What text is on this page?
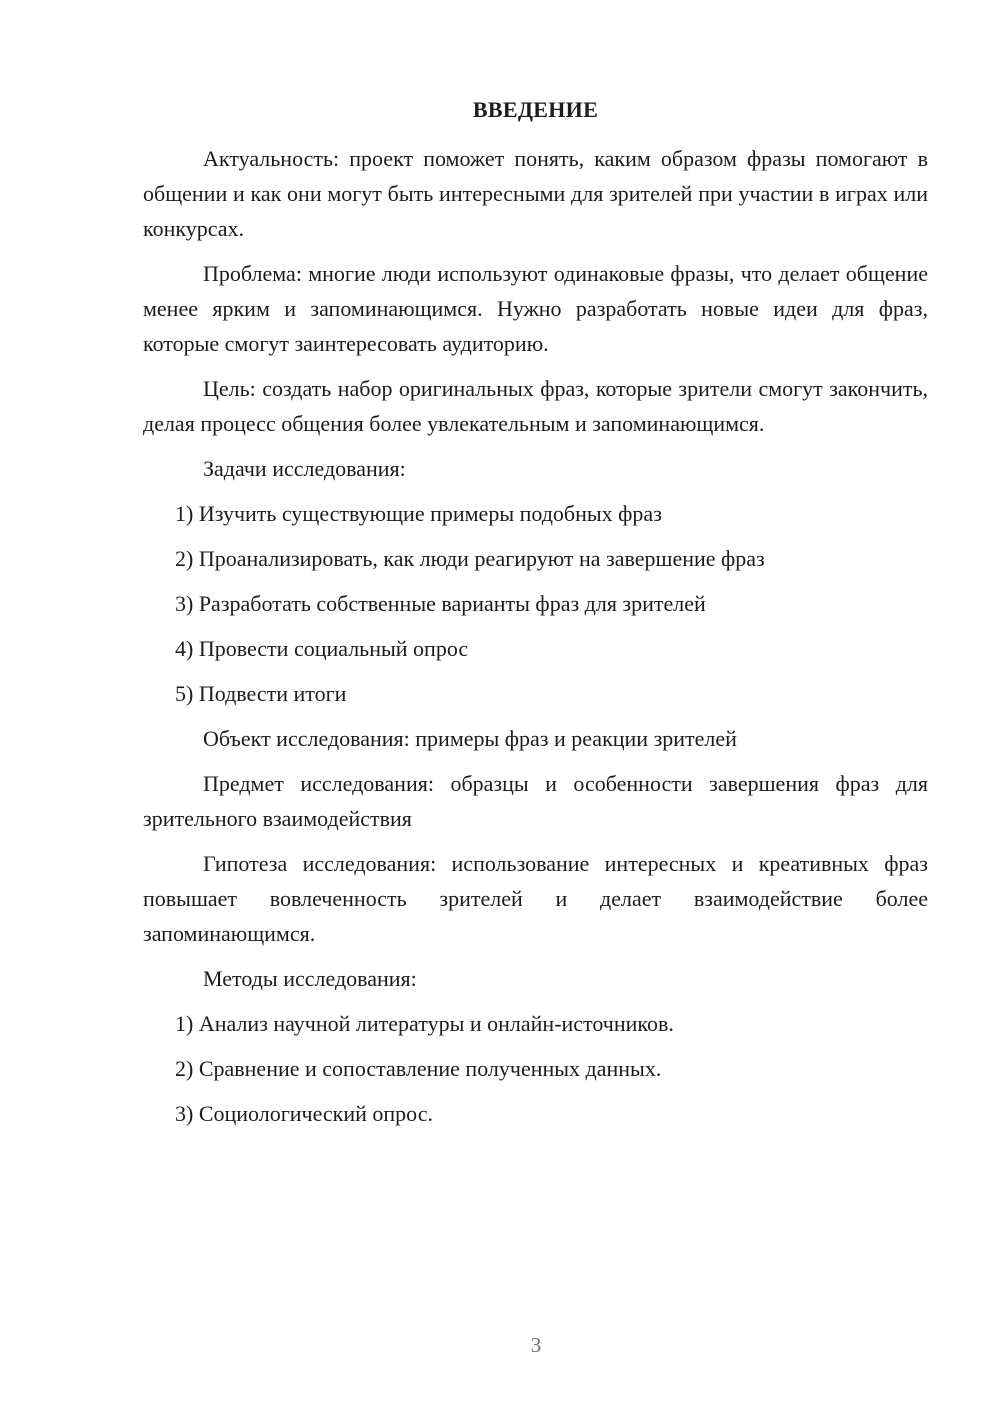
ВВЕДЕНИЕ

Актуальность: проект поможет понять, каким образом фразы помогают в общении и как они могут быть интересными для зрителей при участии в играх или конкурсах.

Проблема: многие люди используют одинаковые фразы, что делает общение менее ярким и запоминающимся. Нужно разработать новые идеи для фраз, которые смогут заинтересовать аудиторию.

Цель: создать набор оригинальных фраз, которые зрители смогут закончить, делая процесс общения более увлекательным и запоминающимся.

Задачи исследования:

1) Изучить существующие примеры подобных фраз
2) Проанализировать, как люди реагируют на завершение фраз
3) Разработать собственные варианты фраз для зрителей
4) Провести социальный опрос
5) Подвести итоги

Объект исследования: примеры фраз и реакции зрителей

Предмет исследования: образцы и особенности завершения фраз для зрительного взаимодействия

Гипотеза исследования: использование интересных и креативных фраз повышает вовлеченность зрителей и делает взаимодействие более запоминающимся.

Методы исследования:

1) Анализ научной литературы и онлайн-источников.
2) Сравнение и сопоставление полученных данных.
3) Социологический опрос.
3
